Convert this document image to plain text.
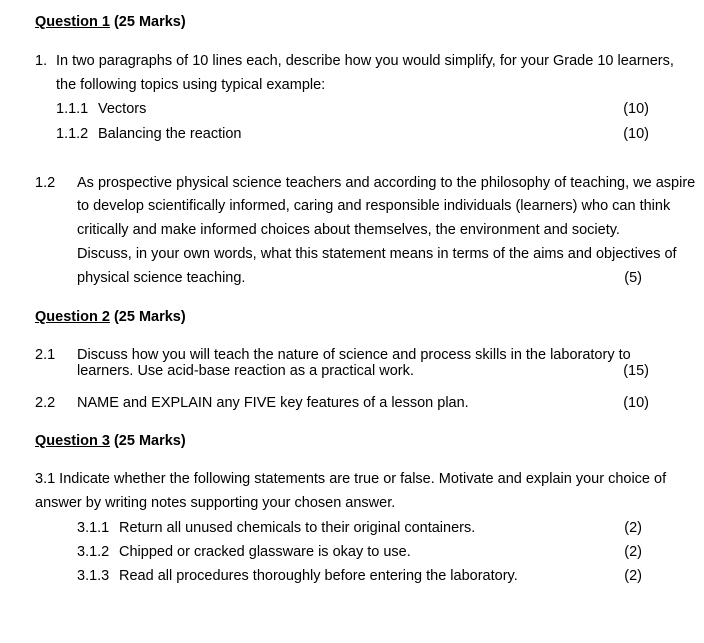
Question 1 (25 Marks)
1. In two paragraphs of 10 lines each, describe how you would simplify, for your Grade 10 learners,
the following topics using typical example:
1.1.1 Vectors	(10)
1.1.2 Balancing the reaction	(10)
1.2 As prospective physical science teachers and according to the philosophy of teaching, we aspire
to develop scientifically informed, caring and responsible individuals (learners) who can think
critically and make informed choices about themselves, the environment and society.
Discuss, in your own words, what this statement means in terms of the aims and objectives of
physical science teaching.	(5)
Question 2 (25 Marks)
2.1 Discuss how you will teach the nature of science and process skills in the laboratory to
learners. Use acid-base reaction as a practical work.	(15)
2.2 NAME and EXPLAIN any FIVE key features of a lesson plan.	(10)
Question 3 (25 Marks)
3.1 Indicate whether the following statements are true or false. Motivate and explain your choice of
answer by writing notes supporting your chosen answer.
3.1.1 Return all unused chemicals to their original containers.	(2)
3.1.2 Chipped or cracked glassware is okay to use.	(2)
3.1.3 Read all procedures thoroughly before entering the laboratory.	(2)
